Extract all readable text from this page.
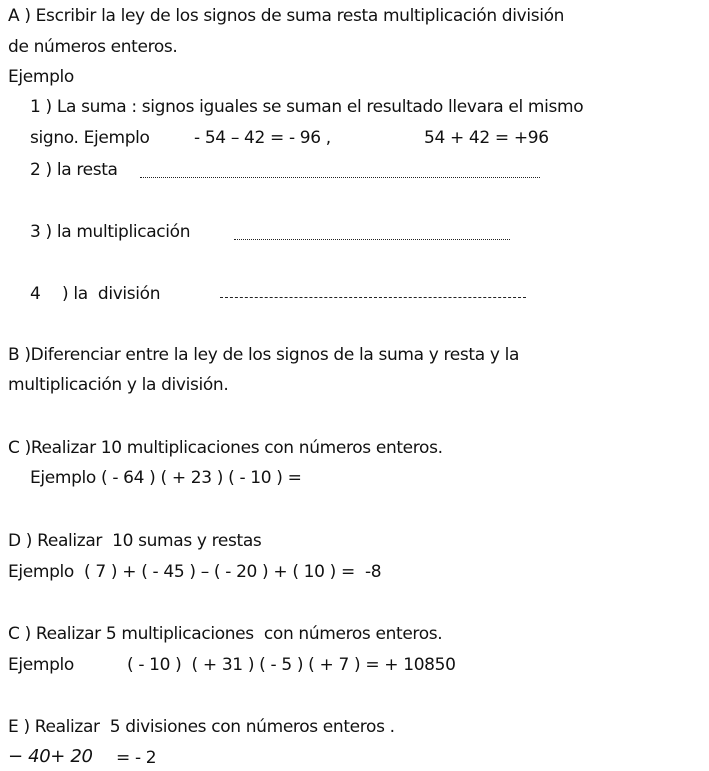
A ) Escribir la ley de los signos de suma resta multiplicación división
de números enteros.
Ejemplo
1 ) La suma : signos iguales se suman el resultado llevara el mismo
signo. Ejemplo	- 54 – 42 = - 96 ,	54 + 42 = +96
2 ) la resta
3 ) la multiplicación
4 ) la  división
B )Diferenciar entre la ley de los signos de la suma y resta y la
multiplicación y la división.
C )Realizar 10 multiplicaciones con números enteros.
Ejemplo ( - 64 ) ( + 23 ) ( - 10 ) =
D ) Realizar  10 sumas y restas
Ejemplo  ( 7 ) + ( - 45 ) – ( - 20 ) + ( 10 ) =  -8
C ) Realizar 5 multiplicaciones  con números enteros.
Ejemplo	( - 10 )  ( + 31 ) ( - 5 ) ( + 7 ) = + 10850
E ) Realizar  5 divisiones con números enteros .
− 40+ 20 = - 2
